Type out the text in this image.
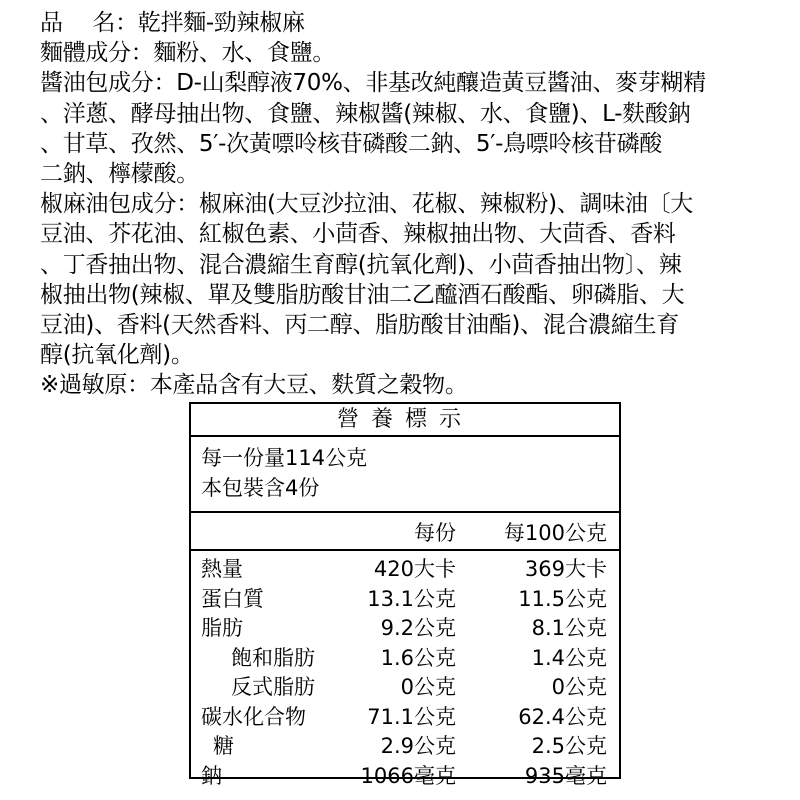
品　 名：乾拌麵-勁辣椒麻
麵體成分：麵粉、水、食鹽。
醬油包成分：D-山梨醇液70%、非基改純釀造黃豆醬油、麥芽糊精
、洋蔥、酵母抽出物、食鹽、辣椒醬(辣椒、水、食鹽)、L-麩酸鈉
、甘草、孜然、5′-次黃嘌呤核苷磷酸二鈉、5′-鳥嘌呤核苷磷酸
二鈉、檸檬酸。
椒麻油包成分：椒麻油(大豆沙拉油、花椒、辣椒粉)、調味油〔大
豆油、芥花油、紅椒色素、小茴香、辣椒抽出物、大茴香、香料
、丁香抽出物、混合濃縮生育醇(抗氧化劑)、小茴香抽出物〕、辣
椒抽出物(辣椒、單及雙脂肪酸甘油二乙醯酒石酸酯、卵磷脂、大
豆油)、香料(天然香料、丙二醇、脂肪酸甘油酯)、混合濃縮生育
醇(抗氧化劑)。
※過敏原：本產品含有大豆、麩質之穀物。
營養標示
每一份量114公克
本包裝含4份
每份 每100公克
熱量	420大卡	369大卡
蛋白質	13.1公克	11.5公克
脂肪	9.2公克	8.1公克
飽和脂肪	1.6公克	1.4公克
反式脂肪	0公克	0公克
碳水化合物	71.1公克	62.4公克
糖	2.9公克	2.5公克
鈉	1066毫克	935毫克
